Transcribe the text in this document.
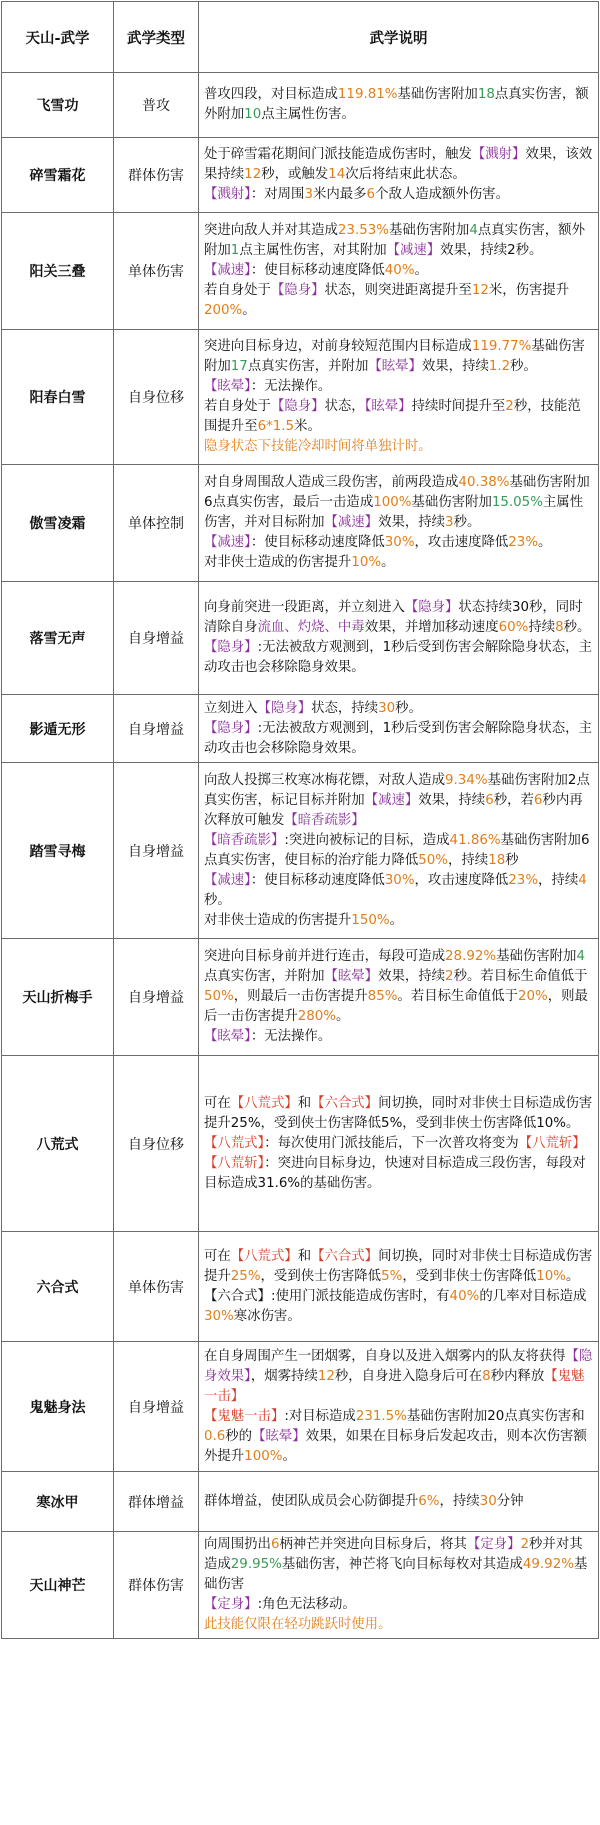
天山-武学	武学类型	武学说明
飞雪功	普攻	普攻四段，对目标造成119.81%基础伤害附加18点真实伤害，额外附加10点主属性伤害。

碎雪霜花	群体伤害	处于碎雪霜花期间门派技能造成伤害时，触发【溅射】效果，该效果持续12秒，或触发14次后将结束此状态。

【溅射】：对周围3米内最多6个敌人造成额外伤害。

阳关三叠	单体伤害	突进向敌人并对其造成23.53%基础伤害附加4点真实伤害，额外附加1点主属性伤害，对其附加【减速】效果，持续2秒。

【减速】：使目标移动速度降低40%。

若自身处于【隐身】状态，则突进距离提升至12米，伤害提升200%。

阳春白雪	自身位移	突进向目标身边，对前身较短范围内目标造成119.77%基础伤害附加17点真实伤害，并附加【眩晕】效果，持续1.2秒。

【眩晕】：无法操作。

若自身处于【隐身】状态，【眩晕】持续时间提升至2秒，技能范围提升至6*1.5米。

隐身状态下技能冷却时间将单独计时。

傲雪凌霜	单体控制	对自身周围敌人造成三段伤害，前两段造成40.38%基础伤害附加6点真实伤害，最后一击造成100%基础伤害附加15.05%主属性伤害，并对目标附加【减速】效果，持续3秒。

【减速】：使目标移动速度降低30%，攻击速度降低23%。

对非侠士造成的伤害提升10%。

落雪无声	自身增益	向身前突进一段距离，并立刻进入【隐身】状态持续30秒，同时清除自身流血、灼烧、中毒效果，并增加移动速度60%持续8秒。

【隐身】:无法被敌方观测到，1秒后受到伤害会解除隐身状态，主动攻击也会移除隐身效果。

影遁无形	自身增益	立刻进入【隐身】状态，持续30秒。

【隐身】:无法被敌方观测到，1秒后受到伤害会解除隐身状态，主动攻击也会移除隐身效果。

踏雪寻梅	自身增益	向敌人投掷三枚寒冰梅花镖，对敌人造成9.34%基础伤害附加2点真实伤害，标记目标并附加【减速】效果，持续6秒，若6秒内再次释放可触发【暗香疏影】

【暗香疏影】:突进向被标记的目标，造成41.86%基础伤害附加6点真实伤害，使目标的治疗能力降低50%，持续18秒

【减速】：使目标移动速度降低30%，攻击速度降低23%，持续4秒。

对非侠士造成的伤害提升150%。

天山折梅手	自身增益	突进向目标身前并进行连击，每段可造成28.92%基础伤害附加4点真实伤害，并附加【眩晕】效果，持续2秒。若目标生命值低于50%，则最后一击伤害提升85%。若目标生命值低于20%，则最后一击伤害提升280%。

【眩晕】：无法操作。

八荒式	自身位移	可在【八荒式】和【六合式】间切换，同时对非侠士目标造成伤害提升25%，受到侠士伤害降低5%，受到非侠士伤害降低10%。

【八荒式】：每次使用门派技能后，下一次普攻将变为【八荒斩】

【八荒斩】：突进向目标身边，快速对目标造成三段伤害，每段对目标造成31.6%的基础伤害。

六合式	单体伤害	可在【八荒式】和【六合式】间切换，同时对非侠士目标造成伤害提升25%，受到侠士伤害降低5%，受到非侠士伤害降低10%。

【六合式】:使用门派技能造成伤害时，有40%的几率对目标造成30%寒冰伤害。

鬼魅身法	自身增益	在自身周围产生一团烟雾，自身以及进入烟雾内的队友将获得【隐身效果】，烟雾持续12秒，自身进入隐身后可在8秒内释放【鬼魅一击】

【鬼魅一击】:对目标造成231.5%基础伤害附加20点真实伤害和0.6秒的【眩晕】效果，如果在目标身后发起攻击，则本次伤害额外提升100%。

寒冰甲	群体增益	群体增益，使团队成员会心防御提升6%，持续30分钟

天山神芒	群体伤害	向周围扔出6柄神芒并突进向目标身后，将其【定身】2秒并对其造成29.95%基础伤害，神芒将飞向目标每枚对其造成49.92%基础伤害

【定身】:角色无法移动。

此技能仅限在轻功跳跃时使用。
